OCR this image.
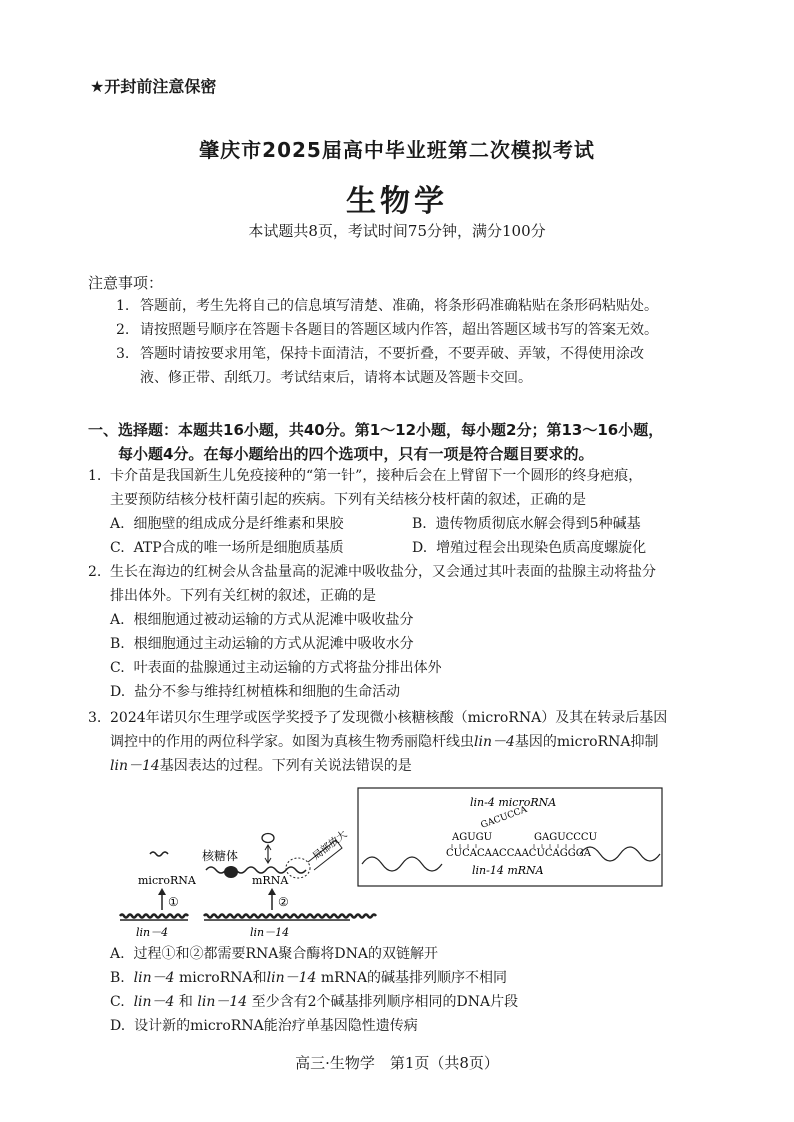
★开封前注意保密
肇庆市2025届高中毕业班第二次模拟考试
生物学
本试题共8页，考试时间75分钟，满分100分
注意事项：
1. 答题前，考生先将自己的信息填写清楚、准确，将条形码准确粘贴在条形码粘贴处。
2. 请按照题号顺序在答题卡各题目的答题区域内作答，超出答题区域书写的答案无效。
3. 答题时请按要求用笔，保持卡面清洁，不要折叠，不要弄破、弄皱，不得使用涂改
液、修正带、刮纸刀。考试结束后，请将本试题及答题卡交回。
一、选择题：本题共16小题，共40分。第1～12小题，每小题2分；第13～16小题，
每小题4分。在每小题给出的四个选项中，只有一项是符合题目要求的。
1. 卡介苗是我国新生儿免疫接种的“第一针”，接种后会在上臂留下一个圆形的终身疤痕，
主要预防结核分枝杆菌引起的疾病。下列有关结核分枝杆菌的叙述，正确的是
A. 细胞壁的组成成分是纤维素和果胶	B. 遗传物质彻底水解会得到5种碱基
C. ATP合成的唯一场所是细胞质基质	D. 增殖过程会出现染色质高度螺旋化
2. 生长在海边的红树会从含盐量高的泥滩中吸收盐分，又会通过其叶表面的盐腺主动将盐分
排出体外。下列有关红树的叙述，正确的是
A. 根细胞通过被动运输的方式从泥滩中吸收盐分
B. 根细胞通过主动运输的方式从泥滩中吸收水分
C. 叶表面的盐腺通过主动运输的方式将盐分排出体外
D. 盐分不参与维持红树植株和细胞的生命活动
3. 2024年诺贝尔生理学或医学奖授予了发现微小核糖核酸（microRNA）及其在转录后基因
调控中的作用的两位科学家。如图为真核生物秀丽隐杆线虫lin－4基因的microRNA抑制
lin－14基因表达的过程。下列有关说法错误的是
①	②
microRNA	mRNA
lin－4	lin－14
核糖体	局部放大
lin-4 microRNA
AGUGU
GACUCCA
GAGUCCCU
CUCACAACCAACUCAGGGA
lin-14 mRNA
A. 过程①和②都需要RNA聚合酶将DNA的双链解开
B. lin－4 microRNA和lin－14 mRNA的碱基排列顺序不相同
C. lin－4 和 lin－14 至少含有2个碱基排列顺序相同的DNA片段
D. 设计新的microRNA能治疗单基因隐性遗传病
高三·生物学　第1页（共8页）
